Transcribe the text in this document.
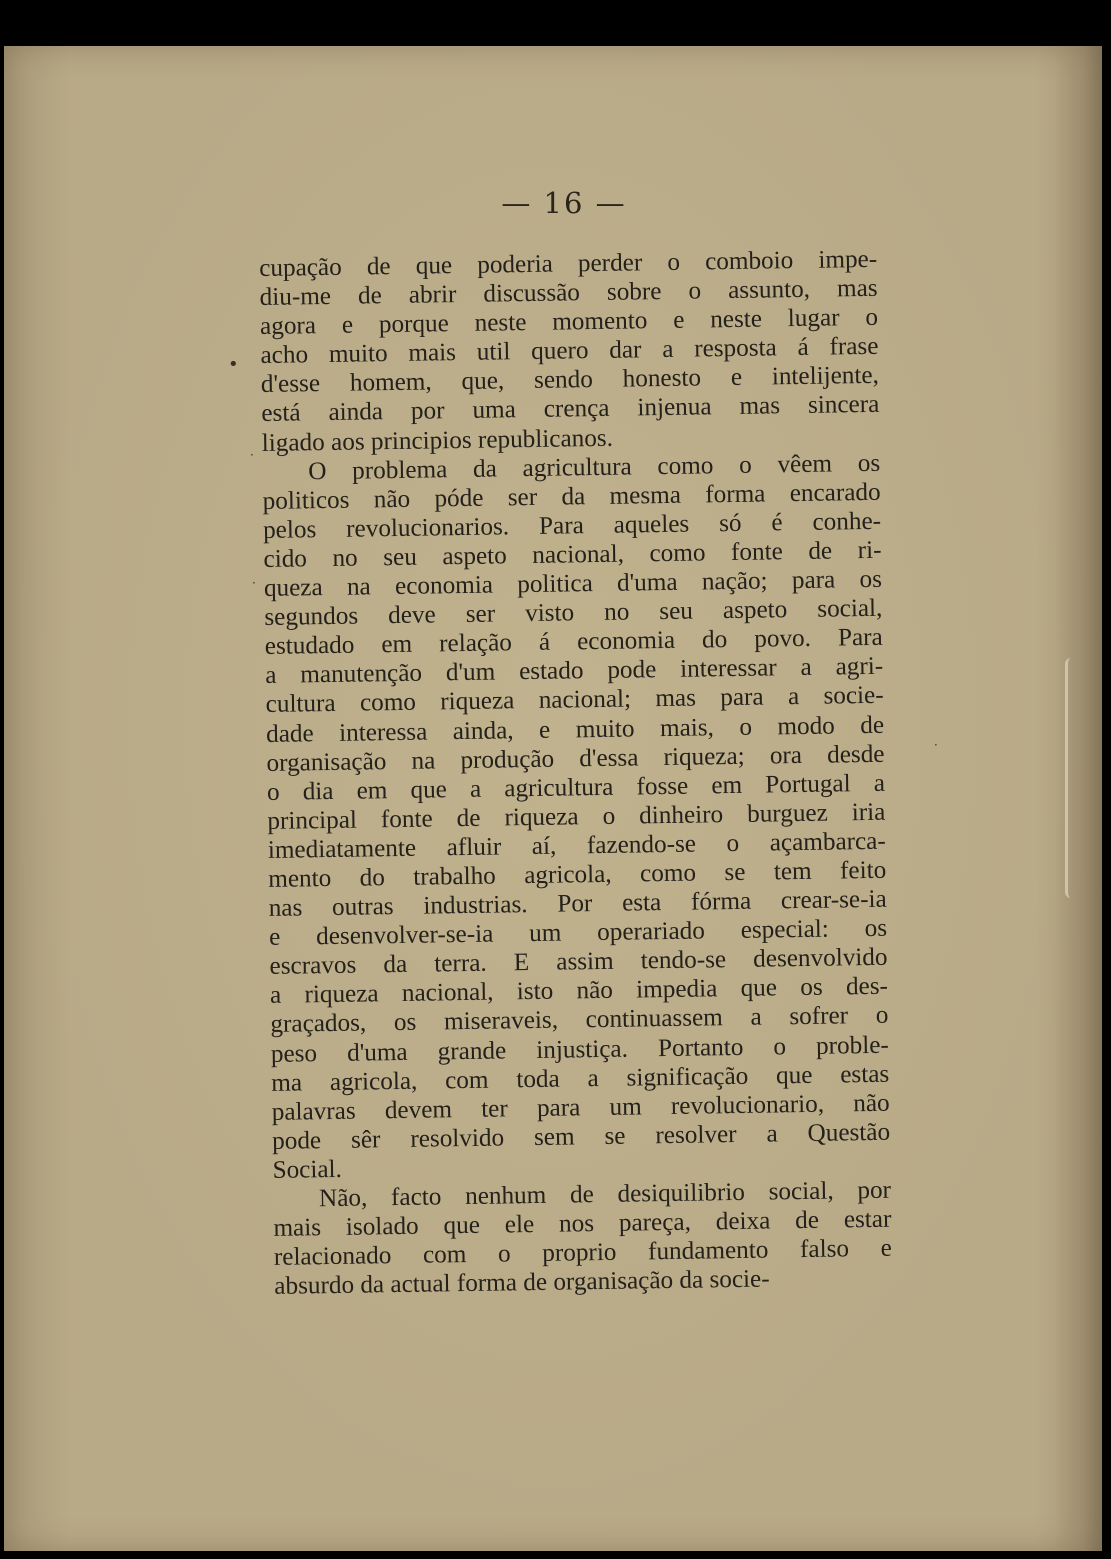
•
·
·
·
— 16 —
cupação de que poderia perder o comboio impe-
diu-me de abrir discussão sobre o assunto, mas
agora e porque neste momento e neste lugar o
acho muito mais util quero dar a resposta á frase
d'esse homem, que, sendo honesto e intelijente,
está ainda por uma crença injenua mas sincera
ligado aos principios republicanos.
O problema da agricultura como o vêem os
politicos não póde ser da mesma forma encarado
pelos revolucionarios. Para aqueles só é conhe-
cido no seu aspeto nacional, como fonte de ri-
queza na economia politica d'uma nação; para os
segundos deve ser visto no seu aspeto social,
estudado em relação á economia do povo. Para
a manutenção d'um estado pode interessar a agri-
cultura como riqueza nacional; mas para a socie-
dade interessa ainda, e muito mais, o modo de
organisação na produção d'essa riqueza; ora desde
o dia em que a agricultura fosse em Portugal a
principal fonte de riqueza o dinheiro burguez iria
imediatamente afluir aí, fazendo-se o açambarca-
mento do trabalho agricola, como se tem feito
nas outras industrias. Por esta fórma crear-se-ia
e desenvolver-se-ia um operariado especial: os
escravos da terra. E assim tendo-se desenvolvido
a riqueza nacional, isto não impedia que os des-
graçados, os miseraveis, continuassem a sofrer o
peso d'uma grande injustiça. Portanto o proble-
ma agricola, com toda a significação que estas
palavras devem ter para um revolucionario, não
pode sêr resolvido sem se resolver a Questão
Social.
Não, facto nenhum de desiquilibrio social, por
mais isolado que ele nos pareça, deixa de estar
relacionado com o proprio fundamento falso e
absurdo da actual forma de organisação da socie-
